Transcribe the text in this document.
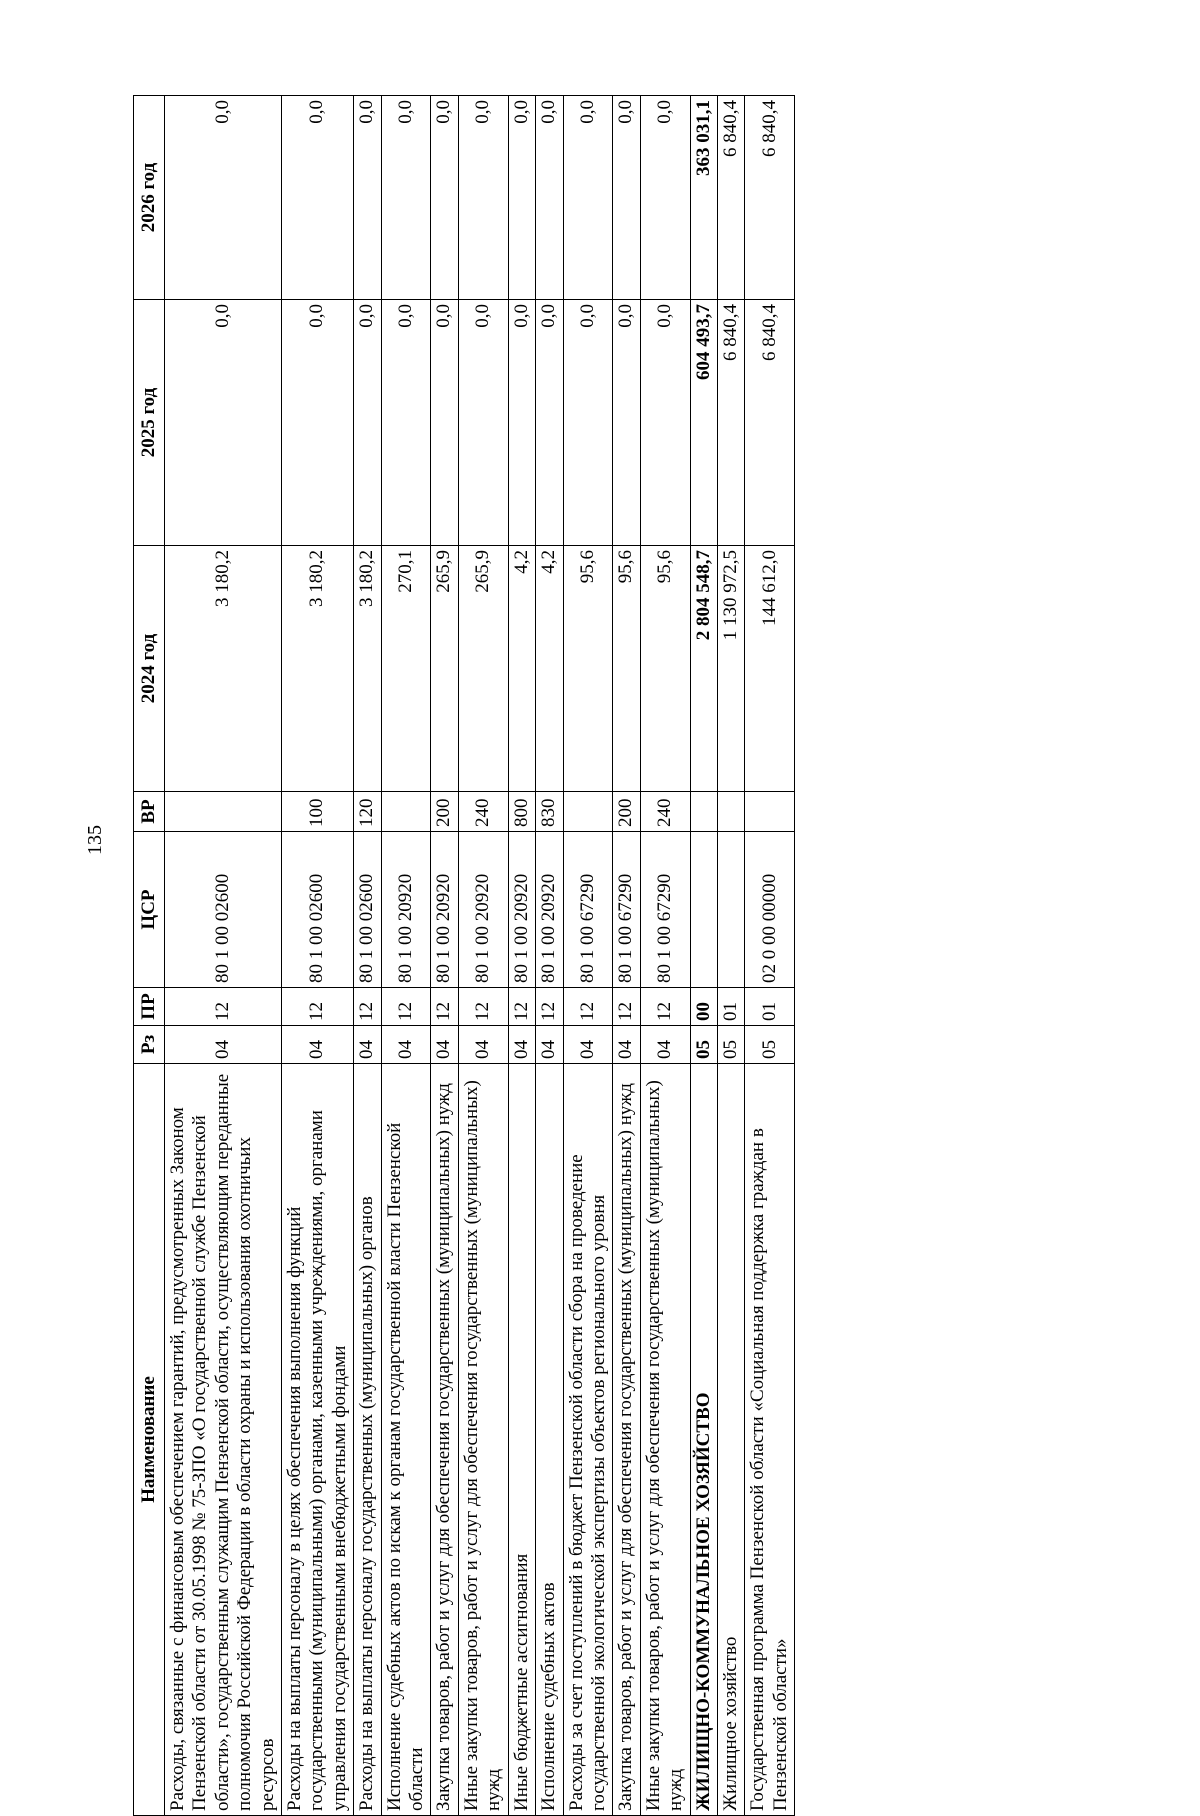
135
Наименование	Рз	ПР	ЦСР	ВР	2024 год	2025 год	2026 год
Расходы, связанные с финансовым обеспечением гарантий, предусмотренных Законом Пензенской области от 30.05.1998 № 75-ЗПО «О государственной службе Пензенской области», государственным служащим Пензенской области, осуществляющим переданные полномочия Российской Федерации в области охраны и использования охотничьих ресурсов	04	12	80 1 00 02600		3 180,2	0,0	0,0
Расходы на выплаты персоналу в целях обеспечения выполнения функций государственными (муниципальными) органами, казенными учреждениями, органами управления государственными внебюджетными фондами	04	12	80 1 00 02600	100	3 180,2	0,0	0,0
Расходы на выплаты персоналу государственных (муниципальных) органов	04	12	80 1 00 02600	120	3 180,2	0,0	0,0
Исполнение судебных актов по искам к органам государственной власти Пензенской области	04	12	80 1 00 20920		270,1	0,0	0,0
Закупка товаров, работ и услуг для обеспечения государственных (муниципальных) нужд	04	12	80 1 00 20920	200	265,9	0,0	0,0
Иные закупки товаров, работ и услуг для обеспечения государственных (муниципальных) нужд	04	12	80 1 00 20920	240	265,9	0,0	0,0
Иные бюджетные ассигнования	04	12	80 1 00 20920	800	4,2	0,0	0,0
Исполнение судебных актов	04	12	80 1 00 20920	830	4,2	0,0	0,0
Расходы за счет поступлений в бюджет Пензенской области сбора на проведение государственной экологической экспертизы объектов регионального уровня	04	12	80 1 00 67290		95,6	0,0	0,0
Закупка товаров, работ и услуг для обеспечения государственных (муниципальных) нужд	04	12	80 1 00 67290	200	95,6	0,0	0,0
Иные закупки товаров, работ и услуг для обеспечения государственных (муниципальных) нужд	04	12	80 1 00 67290	240	95,6	0,0	0,0
ЖИЛИЩНО-КОММУНАЛЬНОЕ ХОЗЯЙСТВО	05	00			2 804 548,7	604 493,7	363 031,1
Жилищное хозяйство	05	01			1 130 972,5	6 840,4	6 840,4
Государственная программа Пензенской области «Социальная поддержка граждан в Пензенской области»	05	01	02 0 00 00000		144 612,0	6 840,4	6 840,4
